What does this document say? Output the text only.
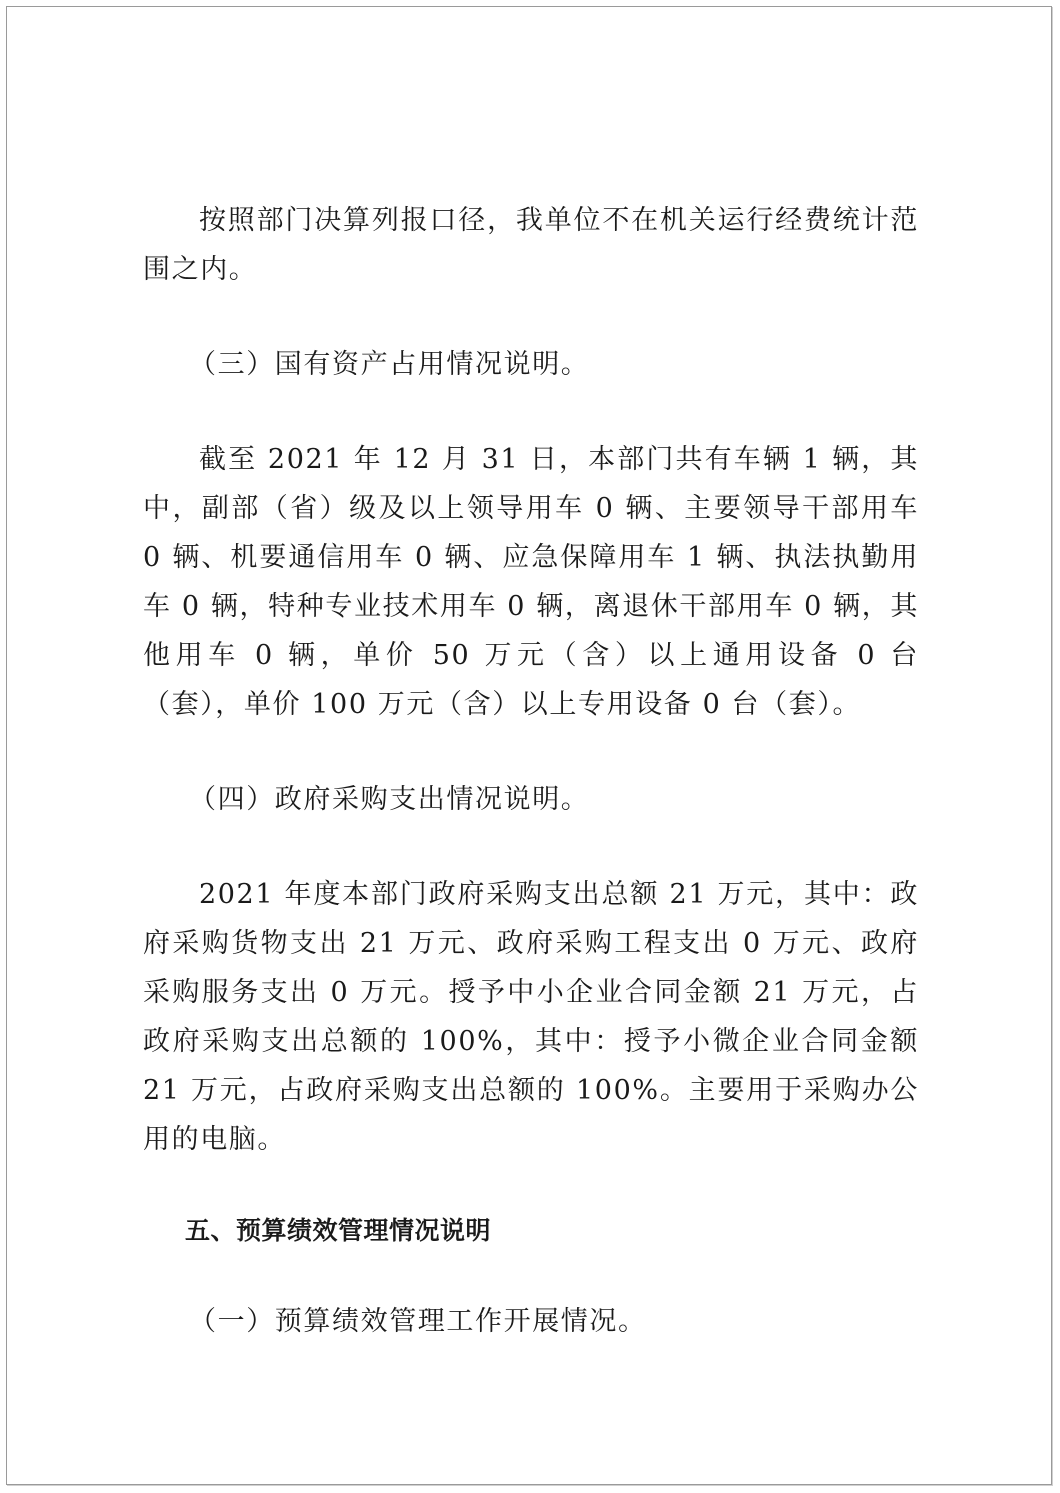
按照部门决算列报口径，我单位不在机关运行经费统计范围之内。

（三）国有资产占用情况说明。

截至 2021 年 12 月 31 日，本部门共有车辆 1 辆，其中，副部（省）级及以上领导用车 0 辆、主要领导干部用车 0 辆、机要通信用车 0 辆、应急保障用车 1 辆、执法执勤用车 0 辆，特种专业技术用车 0 辆，离退休干部用车 0 辆，其他用车 0 辆，单价 50 万元（含）以上通用设备 0 台（套），单价 100 万元（含）以上专用设备 0 台（套）。

（四）政府采购支出情况说明。

2021 年度本部门政府采购支出总额 21 万元，其中：政府采购货物支出 21 万元、政府采购工程支出 0 万元、政府采购服务支出 0 万元。授予中小企业合同金额 21 万元，占政府采购支出总额的 100%，其中：授予小微企业合同金额 21 万元，占政府采购支出总额的 100%。主要用于采购办公用的电脑。

五、预算绩效管理情况说明

（一）预算绩效管理工作开展情况。
